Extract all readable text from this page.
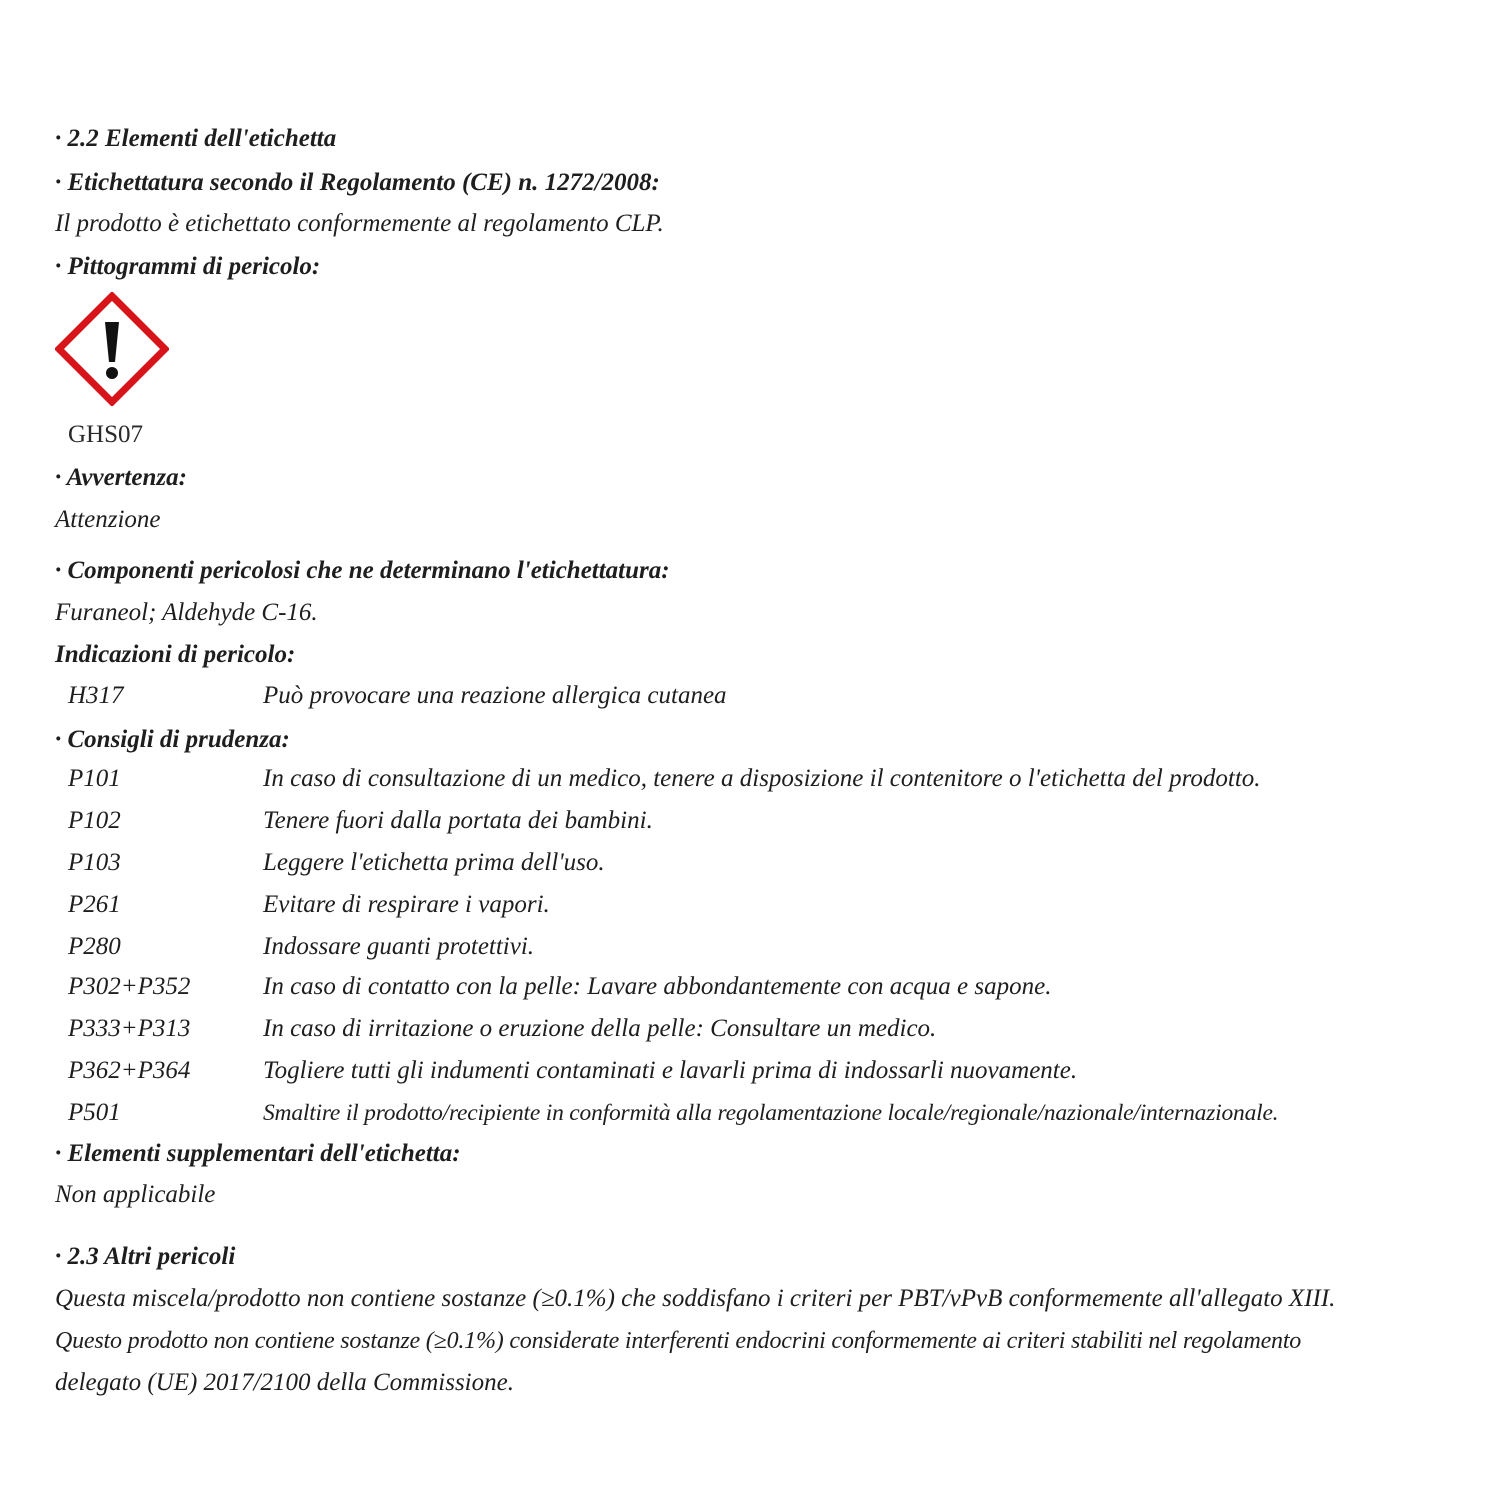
· 2.2 Elementi dell'etichetta
· Etichettatura secondo il Regolamento (CE) n. 1272/2008:
Il prodotto è etichettato conformemente al regolamento CLP.
· Pittogrammi di pericolo:
GHS07
· Avvertenza:
Attenzione
· Componenti pericolosi che ne determinano l'etichettatura:
Furaneol; Aldehyde C-16.
Indicazioni di pericolo:
H317	Può provocare una reazione allergica cutanea
· Consigli di prudenza:
P101	In caso di consultazione di un medico, tenere a disposizione il contenitore o l'etichetta del prodotto.
P102	Tenere fuori dalla portata dei bambini.
P103	Leggere l'etichetta prima dell'uso.
P261	Evitare di respirare i vapori.
P280	Indossare guanti protettivi.
P302+P352	In caso di contatto con la pelle: Lavare abbondantemente con acqua e sapone.
P333+P313	In caso di irritazione o eruzione della pelle: Consultare un medico.
P362+P364	Togliere tutti gli indumenti contaminati e lavarli prima di indossarli nuovamente.
P501	Smaltire il prodotto/recipiente in conformità alla regolamentazione locale/regionale/nazionale/internazionale.
· Elementi supplementari dell'etichetta:
Non applicabile
· 2.3 Altri pericoli
Questa miscela/prodotto non contiene sostanze (≥0.1%) che soddisfano i criteri per PBT/vPvB conformemente all'allegato XIII.
Questo prodotto non contiene sostanze (≥0.1%) considerate interferenti endocrini conformemente ai criteri stabiliti nel regolamento
delegato (UE) 2017/2100 della Commissione.
